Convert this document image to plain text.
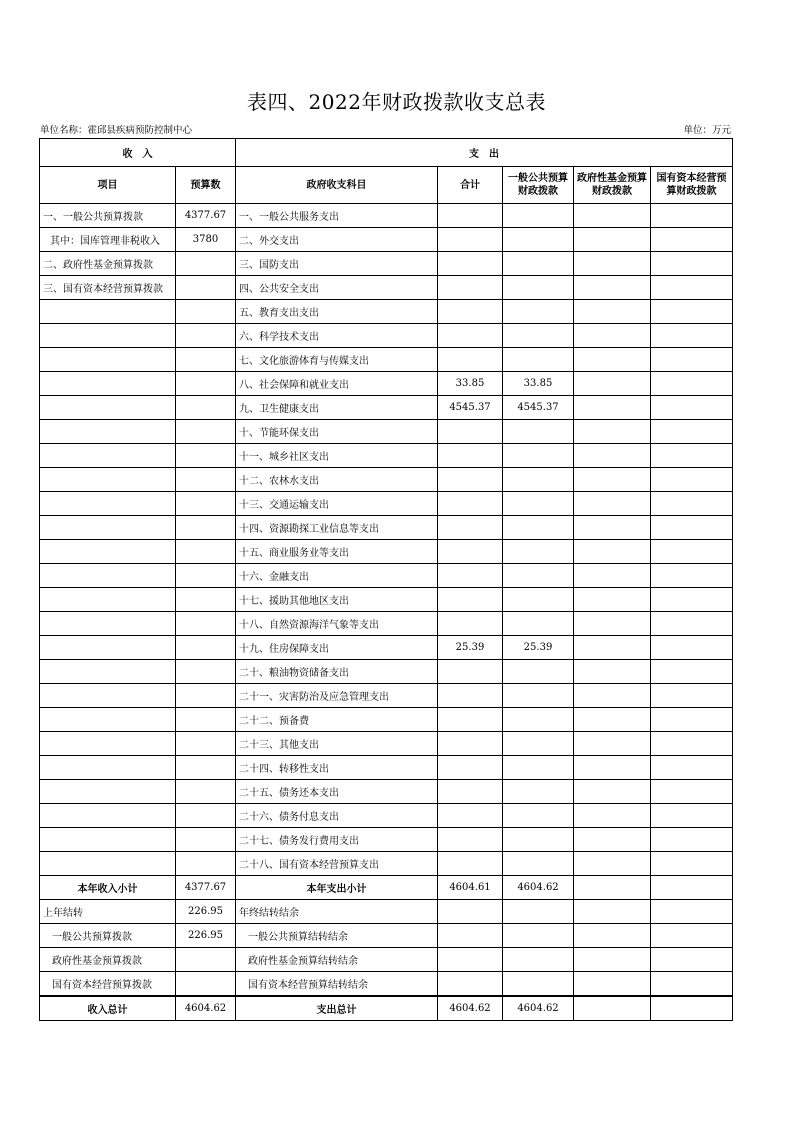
表四、2022年财政拨款收支总表
单位名称：霍邱县疾病预防控制中心	单位：万元
收　入		支　出				
项目	预算数	政府收支科目	合计	一般公共预算财政拨款	政府性基金预算财政拨款	国有资本经营预算财政拨款
一、一般公共预算拨款	4377.67	一、一般公共服务支出				
其中：国库管理非税收入	3780	二、外交支出				
二、政府性基金预算拨款		三、国防支出				
三、国有资本经营预算拨款		四、公共安全支出				
		五、教育支出支出				
		六、科学技术支出				
		七、文化旅游体育与传媒支出				
		八、社会保障和就业支出	33.85	33.85		
		九、卫生健康支出	4545.37	4545.37		
		十、节能环保支出				
		十一、城乡社区支出				
		十二、农林水支出				
		十三、交通运输支出				
		十四、资源勘探工业信息等支出				
		十五、商业服务业等支出				
		十六、金融支出				
		十七、援助其他地区支出				
		十八、自然资源海洋气象等支出				
		十九、住房保障支出	25.39	25.39		
		二十、粮油物资储备支出				
		二十一、灾害防治及应急管理支出				
		二十二、预备费				
		二十三、其他支出				
		二十四、转移性支出				
		二十五、债务还本支出				
		二十六、债务付息支出				
		二十七、债务发行费用支出				
		二十八、国有资本经营预算支出				
本年收入小计	4377.67	本年支出小计	4604.61	4604.62		
上年结转	226.95	年终结转结余				
一般公共预算拨款	226.95	一般公共预算结转结余				
政府性基金预算拨款		政府性基金预算结转结余				
国有资本经营预算拨款		国有资本经营预算结转结余				
收入总计	4604.62	支出总计	4604.62	4604.62		
